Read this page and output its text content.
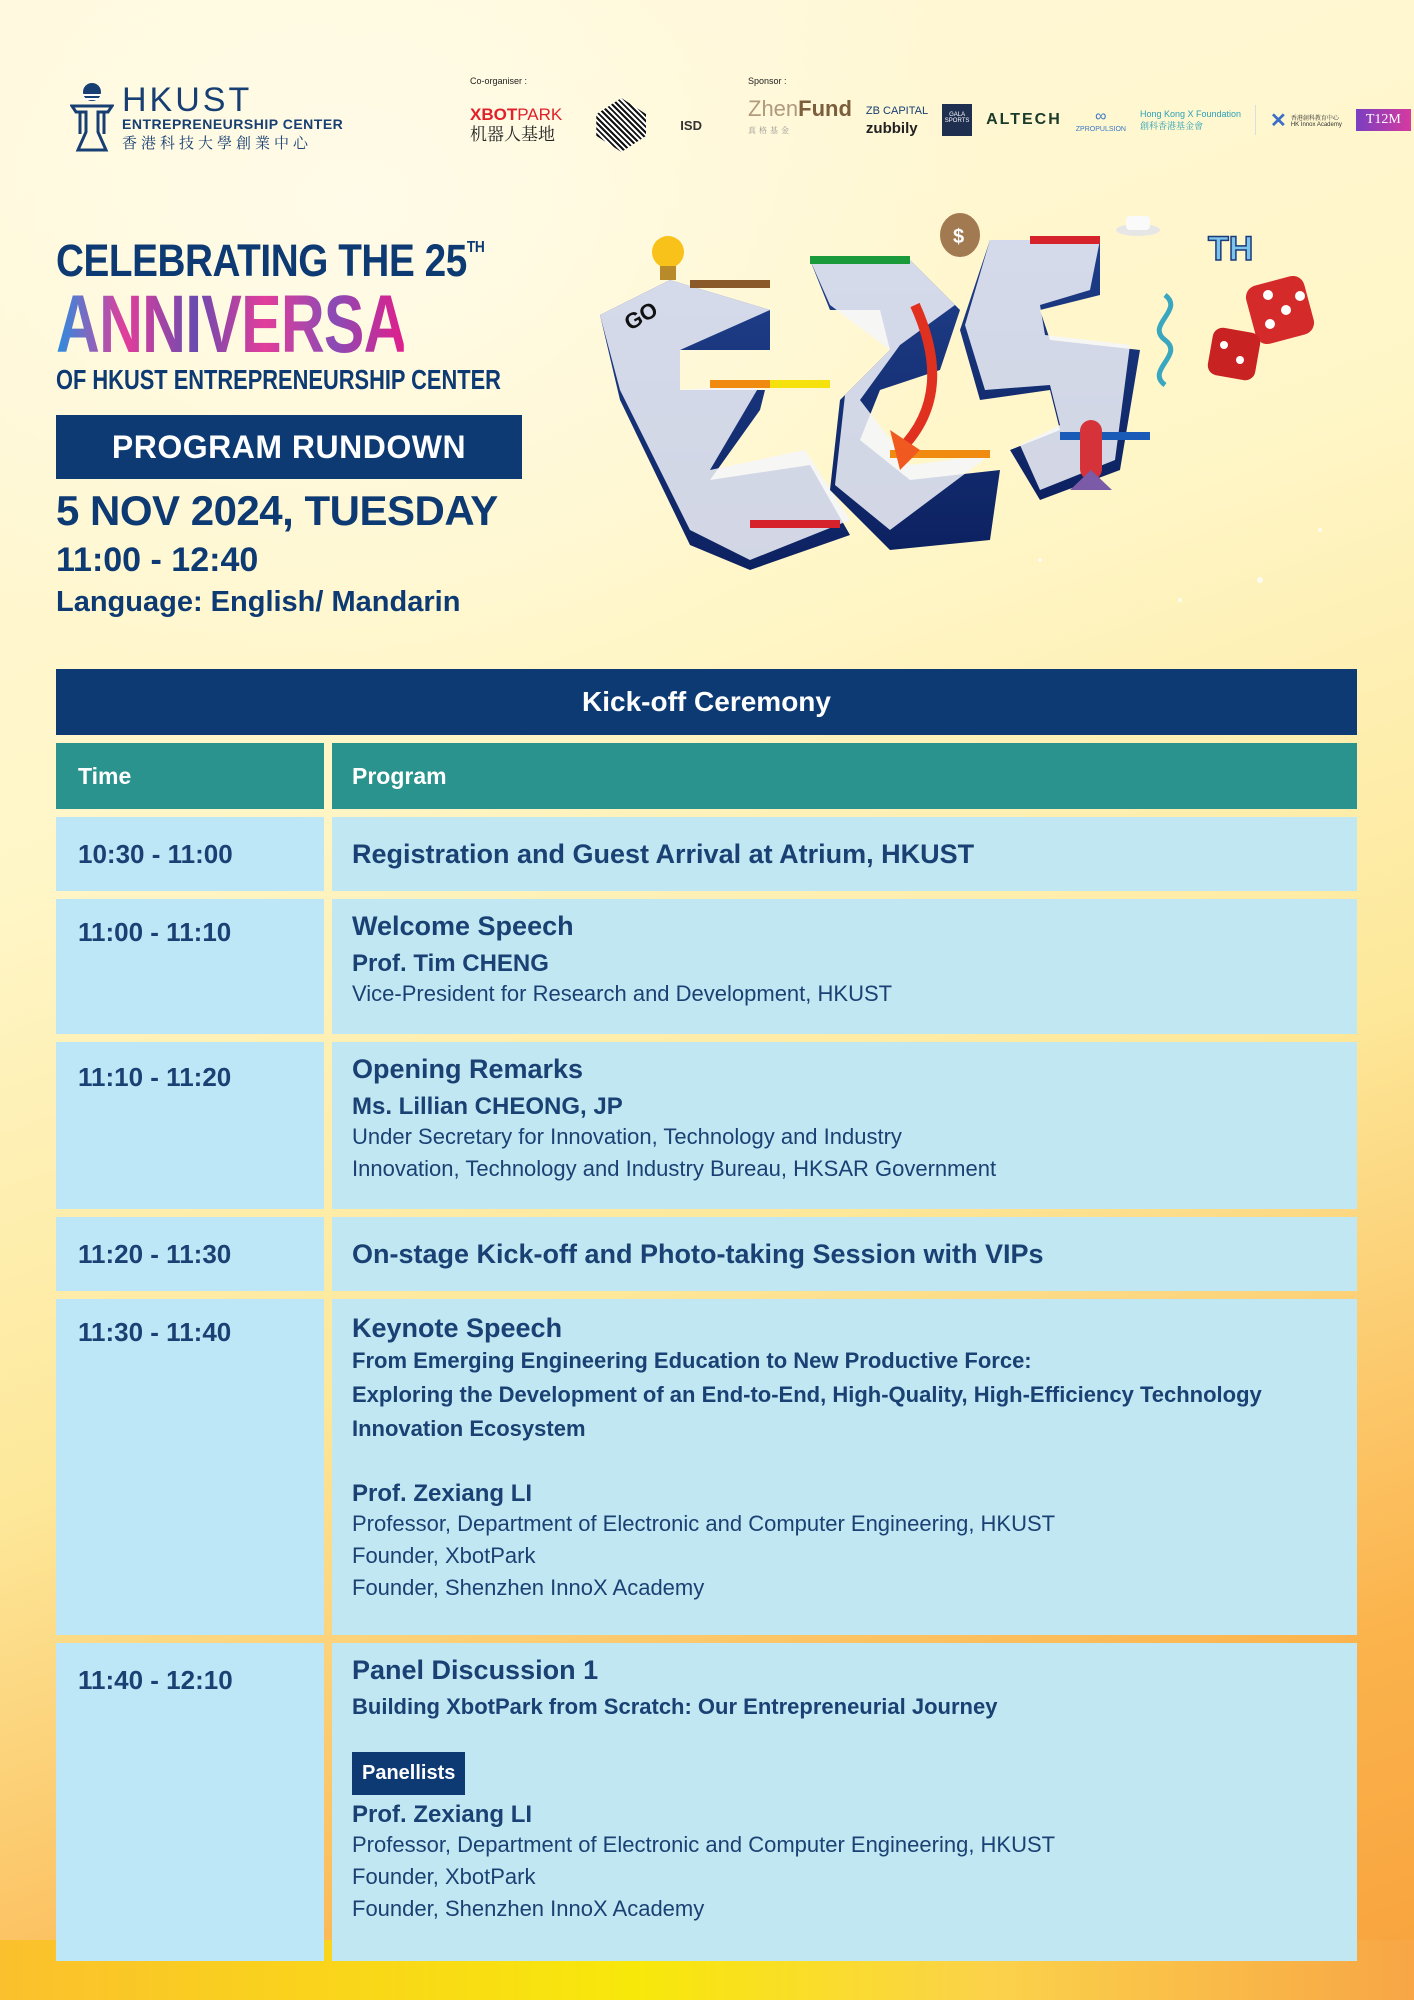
HKUST
ENTREPRENEURSHIP CENTER
香港科技大學創業中心
Co-organiser :
XBOTPARK
机器人基地	ISD
Sponsor :
ZhenFund
真格基金
ZB CAPITAL
zubbily
GALA SPORTS ALTECH	∞
ZPROPULSION
Hong Kong X Foundation
創科香港基金會	✕ 香港創科教育中心
HK Innox Academy	T12M
CELEBRATING THE 25TH
ANNIVERSARY
OF HKUST ENTREPRENEURSHIP CENTER
PROGRAM RUNDOWN
5 NOV 2024, TUESDAY
11:00 - 12:40
Language: English/ Mandarin
$	TH
GO
Kick-off Ceremony
Time	Program
10:30 - 11:00	Registration and Guest Arrival at Atrium, HKUST
11:00 - 11:10	Welcome Speech
Prof. Tim CHENG
Vice-President for Research and Development, HKUST
11:10 - 11:20	Opening Remarks
Ms. Lillian CHEONG, JP
Under Secretary for Innovation, Technology and Industry
Innovation, Technology and Industry Bureau, HKSAR Government
11:20 - 11:30	On-stage Kick-off and Photo-taking Session with VIPs
11:30 - 11:40	Keynote Speech
From Emerging Engineering Education to New Productive Force:
Exploring the Development of an End-to-End, High-Quality, High-Efficiency Technology
Innovation Ecosystem
Prof. Zexiang LI
Professor, Department of Electronic and Computer Engineering, HKUST
Founder, XbotPark
Founder, Shenzhen InnoX Academy
11:40 - 12:10	Panel Discussion 1
Building XbotPark from Scratch: Our Entrepreneurial Journey
Panellists
Prof. Zexiang LI
Professor, Department of Electronic and Computer Engineering, HKUST
Founder, XbotPark
Founder, Shenzhen InnoX Academy
